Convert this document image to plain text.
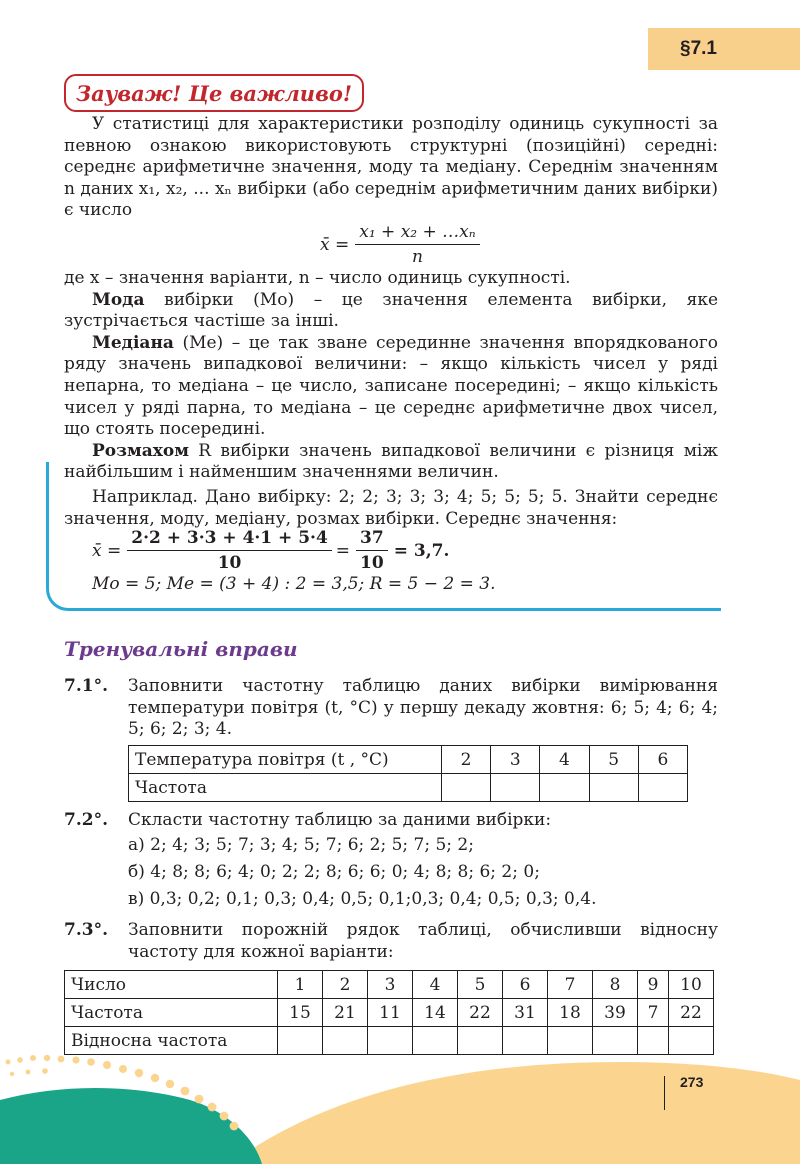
§7.1
Зауваж! Це важливо!

У статистиці для характеристики розподілу одиниць сукупності за певною ознакою використовують структурні (позиційні) середні: середнє арифметичне значення, моду та медіану. Середнім значенням n даних x₁, x₂, ... xₙ вибірки (або середнім арифметичним даних вибірки) є число

x̄ = $\frac{\text{x₁ + x₂ + …xₙ}}{n}$

де x – значення варіанти, n – число одиниць сукупності.

Мода вибірки (Mo) – це значення елемента вибірки, яке зустрічається частіше за інші.

Медіана (Me) – це так зване серединне значення впорядкованого ряду значень випадкової величини: – якщо кількість чисел у ряді непарна, то медіана – це число, записане посередині; – якщо кількість чисел у ряді парна, то медіана – це середнє арифметичне двох чисел, що стоять посередині.

Розмахом R вибірки значень випадкової величини є різниця між найбільшим і найменшим значеннями величин.

Наприклад. Дано вибірку: 2; 2; 3; 3; 3; 4; 5; 5; 5; 5. Знайти середнє значення, моду, медіану, розмах вибірки. Середнє значення:

x̄ = $\frac{2\cdot 2 + 3\cdot 3 + 4\cdot 1 + 5\cdot 4}{10} = \frac{37}{10} = 3,7$.
Mo = 5; Me = (3 + 4) : 2 = 3,5; R = 5 − 2 = 3.
Тренувальні вправи
7.1°. Заповнити частотну таблицю даних вибірки вимірювання температури повітря (t, °С) у першу декаду жовтня: 6; 5; 4; 6; 4; 5; 6; 2; 3; 4.
Температура повітря (t , °С)	2	3	4	5	6
Частота					
7.2°. Скласти частотну таблицю за даними вибірки:
а) 2; 4; 3; 5; 7; 3; 4; 5; 7; 6; 2; 5; 7; 5; 2;
б) 4; 8; 8; 6; 4; 0; 2; 2; 8; 6; 6; 0; 4; 8; 8; 6; 2; 0;
в) 0,3; 0,2; 0,1; 0,3; 0,4; 0,5; 0,1;0,3; 0,4; 0,5; 0,3; 0,4.
7.3°. Заповнити порожній рядок таблиці, обчисливши відносну частоту для кожної варіанти:
Число	1	2	3	4	5	6	7	8	9	10
Частота	15	21	11	14	22	31	18	39	7	22
Відносна частота										
273
